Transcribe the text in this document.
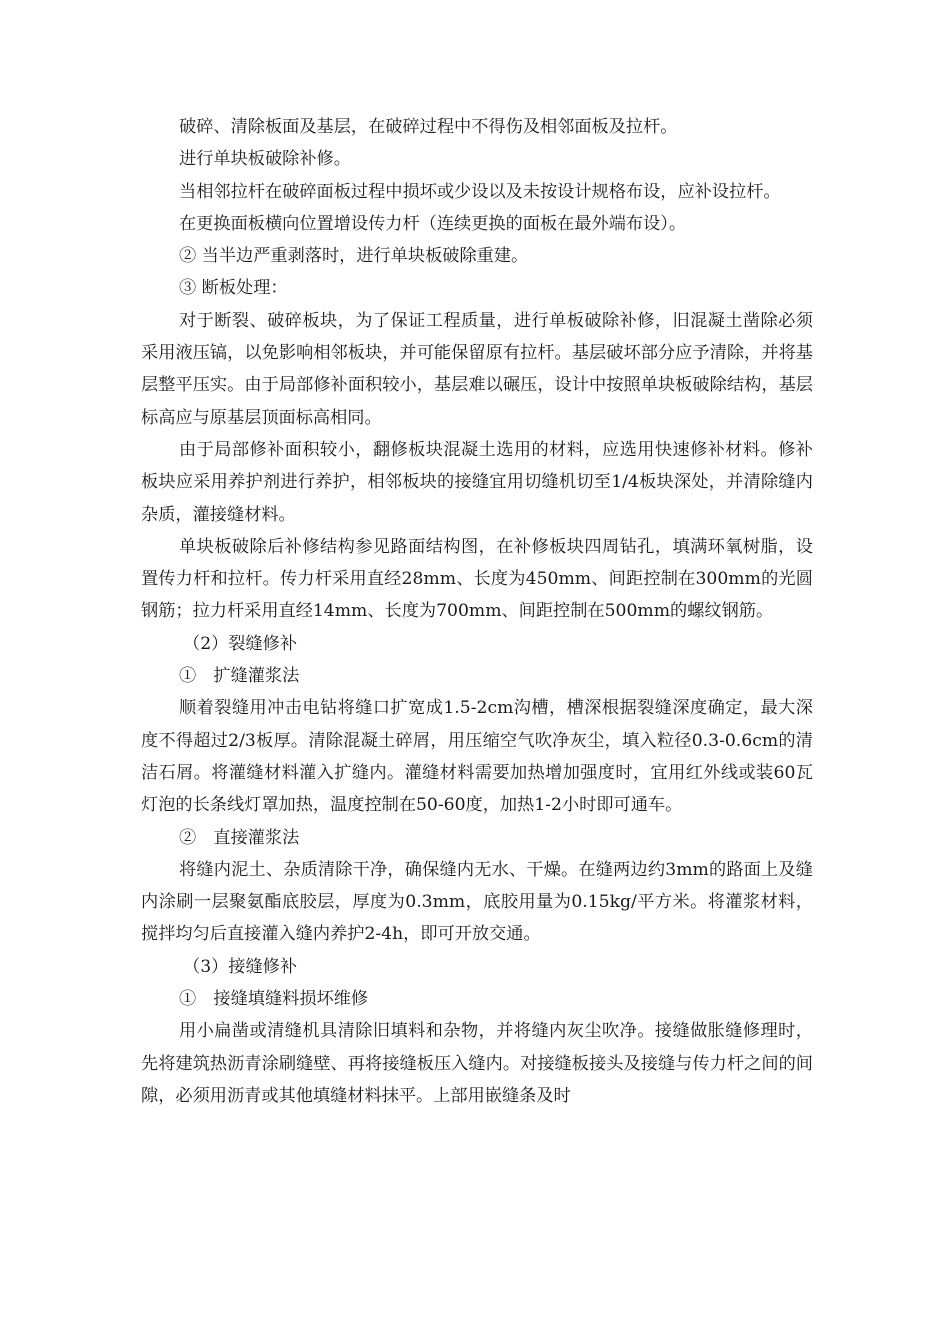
破碎、清除板面及基层，在破碎过程中不得伤及相邻面板及拉杆。

进行单块板破除补修。

当相邻拉杆在破碎面板过程中损坏或少设以及未按设计规格布设，应补设拉杆。

在更换面板横向位置增设传力杆（连续更换的面板在最外端布设）。

② 当半边严重剥落时，进行单块板破除重建。

③ 断板处理：

对于断裂、破碎板块，为了保证工程质量，进行单板破除补修，旧混凝土凿除必须采用液压镐，以免影响相邻板块，并可能保留原有拉杆。基层破坏部分应予清除，并将基层整平压实。由于局部修补面积较小，基层难以碾压，设计中按照单块板破除结构，基层标高应与原基层顶面标高相同。

由于局部修补面积较小，翻修板块混凝土选用的材料，应选用快速修补材料。修补板块应采用养护剂进行养护，相邻板块的接缝宜用切缝机切至1/4板块深处，并清除缝内杂质，灌接缝材料。

单块板破除后补修结构参见路面结构图，在补修板块四周钻孔，填满环氧树脂，设置传力杆和拉杆。传力杆采用直经28mm、长度为450mm、间距控制在300mm的光圆钢筋；拉力杆采用直经14mm、长度为700mm、间距控制在500mm的螺纹钢筋。

（2）裂缝修补

①　扩缝灌浆法

顺着裂缝用冲击电钻将缝口扩宽成1.5-2cm沟槽，槽深根据裂缝深度确定，最大深度不得超过2/3板厚。清除混凝土碎屑，用压缩空气吹净灰尘，填入粒径0.3-0.6cm的清洁石屑。将灌缝材料灌入扩缝内。灌缝材料需要加热增加强度时，宜用红外线或装60瓦灯泡的长条线灯罩加热，温度控制在50-60度，加热1-2小时即可通车。

②　直接灌浆法

将缝内泥土、杂质清除干净，确保缝内无水、干燥。在缝两边约3mm的路面上及缝内涂刷一层聚氨酯底胶层，厚度为0.3mm，底胶用量为0.15kg/平方米。将灌浆材料，搅拌均匀后直接灌入缝内养护2-4h，即可开放交通。

（3）接缝修补

①　接缝填缝料损坏维修

用小扁凿或清缝机具清除旧填料和杂物，并将缝内灰尘吹净。接缝做胀缝修理时，先将建筑热沥青涂刷缝壁、再将接缝板压入缝内。对接缝板接头及接缝与传力杆之间的间隙，必须用沥青或其他填缝材料抹平。上部用嵌缝条及时
